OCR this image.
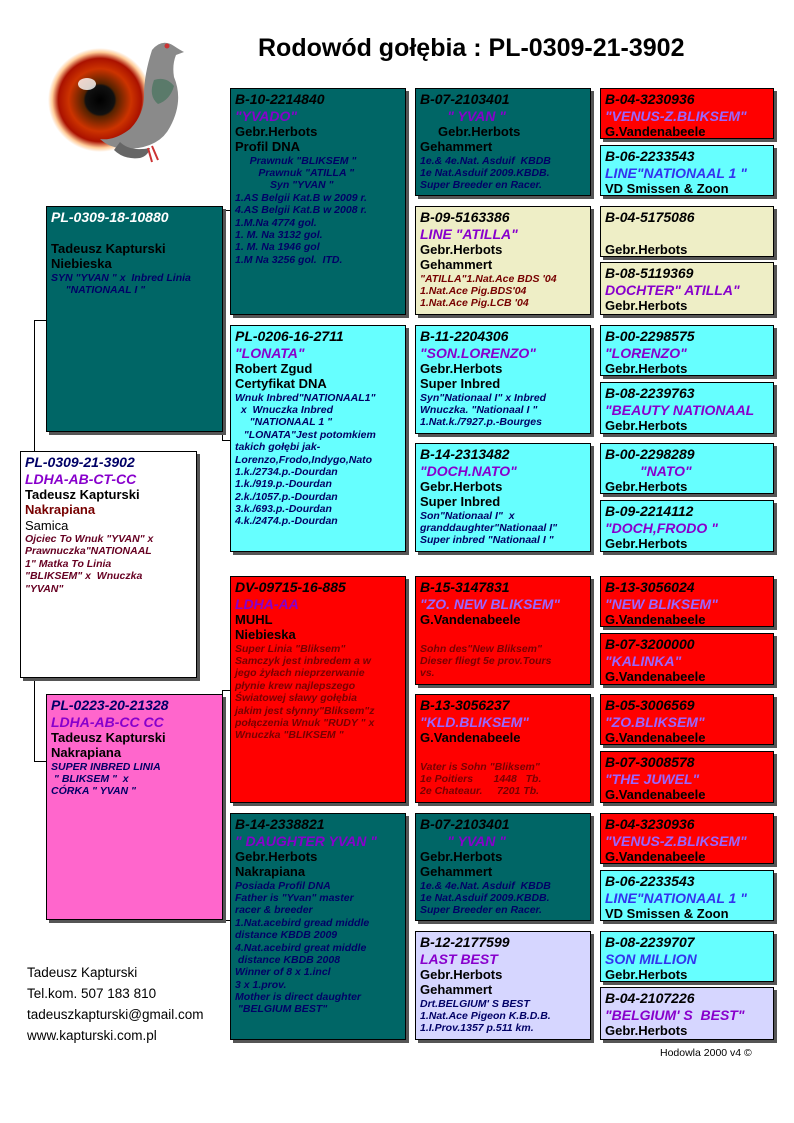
Rodowód gołębia : PL-0309-21-3902
PL-0309-21-3902
LDHA-AB-CT-CC
Tadeusz Kapturski
Nakrapiana
Samica
Ojciec To Wnuk "YVAN" x
Prawnuczka"NATIONAAL
1" Matka To Linia
"BLIKSEM" x  Wnuczka
"YVAN"
PL-0309-18-10880

Tadeusz Kapturski
Niebieska
SYN "YVAN " x  Inbred Linia
"NATIONAAL I "
PL-0223-20-21328
LDHA-AB-CC CC
Tadeusz Kapturski
Nakrapiana
SUPER INBRED LINIA
" BLIKSEM "  x
CÓRKA " YVAN "
B-10-2214840
"YVADO"
Gebr.Herbots
Profil DNA
Prawnuk "BLIKSEM "
Prawnuk "ATILLA "
Syn "YVAN "
1.AS Belgii Kat.B w 2009 r.
4.AS Belgii Kat.B w 2008 r.
1.M.Na 4774 gol.
1. M. Na 3132 gol.
1. M. Na 1946 gol
1.M Na 3256 gol.  ITD.
PL-0206-16-2711
"LONATA"
Robert Zgud
Certyfikat DNA
Wnuk Inbred"NATIONAAL1"
x  Wnuczka Inbred
"NATIONAAL 1 "
"LONATA"Jest potomkiem
takich gołębi jak-
Lorenzo,Frodo,Indygo,Nato
1.k./2734.p.-Dourdan
1.k./919.p.-Dourdan
2.k./1057.p.-Dourdan
3.k./693.p.-Dourdan
4.k./2474.p.-Dourdan
DV-09715-16-885
LDHA-AA
MUHL
Niebieska
Super Linia "Bliksem"
Samczyk jest inbredem a w
jego żyłach nieprzerwanie
płynie krew najlepszego
Światowej sławy gołębia
jakim jest słynny"Bliksem"z
połączenia Wnuk "RUDY " x
Wnuczka "BLIKSEM "
B-14-2338821
" DAUGHTER YVAN "
Gebr.Herbots
Nakrapiana
Posiada Profil DNA
Father is "Yvan" master
racer & breeder
1.Nat.acebird gread middle
distance KBDB 2009
4.Nat.acebird great middle
distance KBDB 2008
Winner of 8 x 1.incl
3 x 1.prov.
Mother is direct daughter
"BELGIUM BEST"
B-07-2103401
" YVAN "
Gebr.Herbots
Gehammert
1e.& 4e.Nat. Asduif  KBDB
1e Nat.Asduif 2009.KBDB.
Super Breeder en Racer.
B-09-5163386
LINE "ATILLA"
Gebr.Herbots
Gehammert
"ATILLA"1.Nat.Ace BDS '04
1.Nat.Ace Pig.BDS'04
1.Nat.Ace Pig.LCB '04
B-11-2204306
"SON.LORENZO"
Gebr.Herbots
Super Inbred
Syn"Nationaal I" x Inbred
Wnuczka. "Nationaal I "
1.Nat.k./7927.p.-Bourges
B-14-2313482
"DOCH.NATO"
Gebr.Herbots
Super Inbred
Son"Nationaal I"  x
granddaughter"Nationaal I"
Super inbred "Nationaal I "
B-15-3147831
"ZO. NEW BLIKSEM"
G.Vandenabeele

Sohn des"New Bliksem"
Dieser fliegt 5e prov.Tours
vs.
B-13-3056237
"KLD.BLIKSEM"
G.Vandenabeele

Vater is Sohn "Bliksem"
1e Poitiers       1448   Tb.
2e Chateaur.     7201 Tb.
B-07-2103401
" YVAN "
Gebr.Herbots
Gehammert
1e.& 4e.Nat. Asduif  KBDB
1e Nat.Asduif 2009.KBDB.
Super Breeder en Racer.
B-12-2177599
LAST BEST
Gebr.Herbots
Gehammert
Drt.BELGIUM' S BEST
1.Nat.Ace Pigeon K.B.D.B.
1.I.Prov.1357 p.511 km.
B-04-3230936
"VENUS-Z.BLIKSEM"
G.Vandenabeele
B-06-2233543
LINE"NATIONAAL 1 "
VD Smissen & Zoon
B-04-5175086

Gebr.Herbots
B-08-5119369
DOCHTER" ATILLA"
Gebr.Herbots
B-00-2298575
"LORENZO"
Gebr.Herbots
B-08-2239763
"BEAUTY NATIONAAL
Gebr.Herbots
B-00-2298289
"NATO"
Gebr.Herbots
B-09-2214112
"DOCH,FRODO "
Gebr.Herbots
B-13-3056024
"NEW BLIKSEM"
G.Vandenabeele
B-07-3200000
"KALINKA"
G.Vandenabeele
B-05-3006569
"ZO.BLIKSEM"
G.Vandenabeele
B-07-3008578
"THE JUWEL"
G.Vandenabeele
B-04-3230936
"VENUS-Z.BLIKSEM"
G.Vandenabeele
B-06-2233543
LINE"NATIONAAL 1 "
VD Smissen & Zoon
B-08-2239707
SON MILLION
Gebr.Herbots
B-04-2107226
"BELGIUM' S  BEST"
Gebr.Herbots
Tadeusz Kapturski
Tel.kom. 507 183 810
tadeuszkapturski@gmail.com
www.kapturski.com.pl
Hodowla 2000 v4 ©
